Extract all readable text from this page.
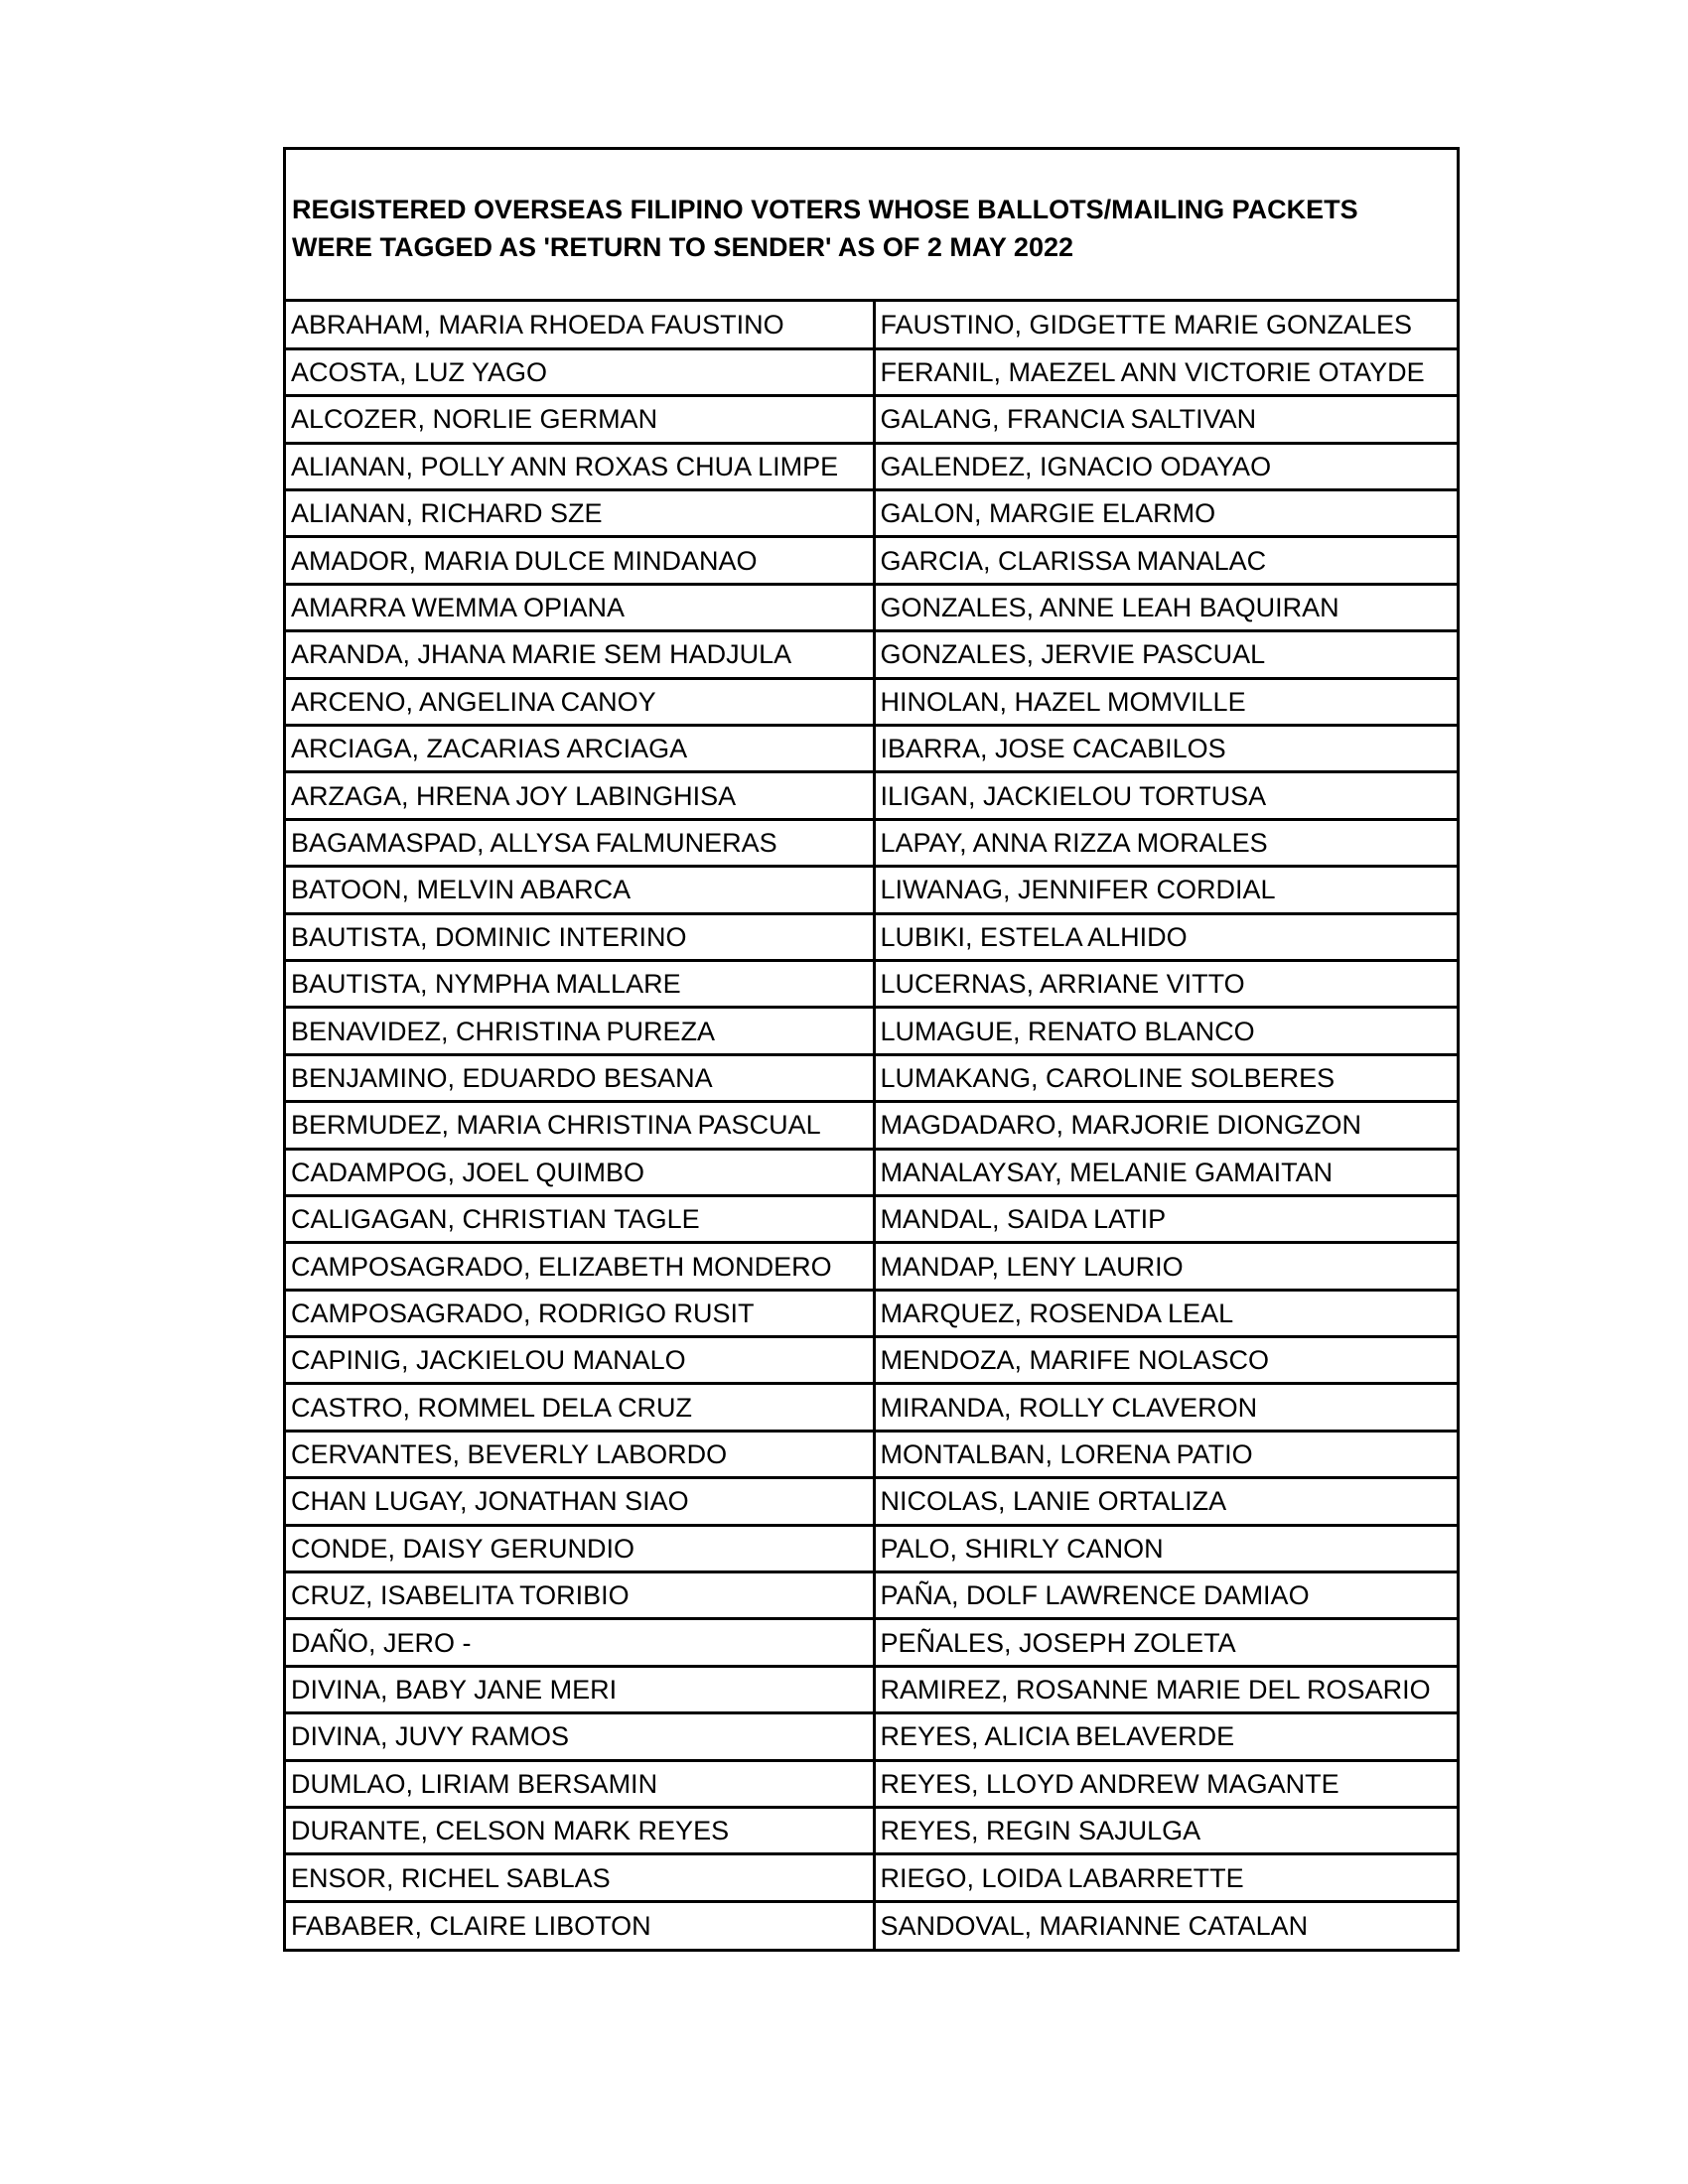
REGISTERED OVERSEAS FILIPINO VOTERS WHOSE BALLOTS/MAILING PACKETS WERE TAGGED AS 'RETURN TO SENDER' AS OF 2 MAY 2022

ABRAHAM, MARIA RHOEDA FAUSTINO	FAUSTINO, GIDGETTE MARIE GONZALES
ACOSTA, LUZ YAGO	FERANIL, MAEZEL ANN VICTORIE OTAYDE
ALCOZER, NORLIE GERMAN	GALANG, FRANCIA SALTIVAN
ALIANAN, POLLY ANN ROXAS CHUA LIMPE	GALENDEZ, IGNACIO ODAYAO
ALIANAN, RICHARD SZE	GALON, MARGIE ELARMO
AMADOR, MARIA DULCE MINDANAO	GARCIA, CLARISSA MANALAC
AMARRA WEMMA OPIANA	GONZALES, ANNE LEAH BAQUIRAN
ARANDA, JHANA MARIE SEM HADJULA	GONZALES, JERVIE PASCUAL
ARCENO, ANGELINA CANOY	HINOLAN, HAZEL MOMVILLE
ARCIAGA, ZACARIAS ARCIAGA	IBARRA, JOSE CACABILOS
ARZAGA, HRENA JOY LABINGHISA	ILIGAN, JACKIELOU TORTUSA
BAGAMASPAD, ALLYSA FALMUNERAS	LAPAY, ANNA RIZZA MORALES
BATOON, MELVIN ABARCA	LIWANAG, JENNIFER CORDIAL
BAUTISTA, DOMINIC INTERINO	LUBIKI, ESTELA ALHIDO
BAUTISTA, NYMPHA MALLARE	LUCERNAS, ARRIANE VITTO
BENAVIDEZ, CHRISTINA PUREZA	LUMAGUE, RENATO BLANCO
BENJAMINO, EDUARDO BESANA	LUMAKANG, CAROLINE SOLBERES
BERMUDEZ, MARIA CHRISTINA PASCUAL	MAGDADARO, MARJORIE DIONGZON
CADAMPOG, JOEL QUIMBO	MANALAYSAY, MELANIE GAMAITAN
CALIGAGAN, CHRISTIAN TAGLE	MANDAL, SAIDA LATIP
CAMPOSAGRADO, ELIZABETH MONDERO	MANDAP, LENY LAURIO
CAMPOSAGRADO, RODRIGO RUSIT	MARQUEZ, ROSENDA LEAL
CAPINIG, JACKIELOU MANALO	MENDOZA, MARIFE NOLASCO
CASTRO, ROMMEL DELA CRUZ	MIRANDA, ROLLY CLAVERON
CERVANTES, BEVERLY LABORDO	MONTALBAN, LORENA PATIO
CHAN LUGAY, JONATHAN SIAO	NICOLAS, LANIE ORTALIZA
CONDE, DAISY GERUNDIO	PALO, SHIRLY CANON
CRUZ, ISABELITA TORIBIO	PAÑA, DOLF LAWRENCE DAMIAO
DAÑO, JERO -	PEÑALES, JOSEPH ZOLETA
DIVINA, BABY JANE MERI	RAMIREZ, ROSANNE MARIE DEL ROSARIO
DIVINA, JUVY RAMOS	REYES, ALICIA BELAVERDE
DUMLAO, LIRIAM BERSAMIN	REYES, LLOYD ANDREW MAGANTE
DURANTE, CELSON MARK REYES	REYES, REGIN SAJULGA
ENSOR, RICHEL SABLAS	RIEGO, LOIDA LABARRETTE
FABABER, CLAIRE LIBOTON	SANDOVAL, MARIANNE CATALAN
